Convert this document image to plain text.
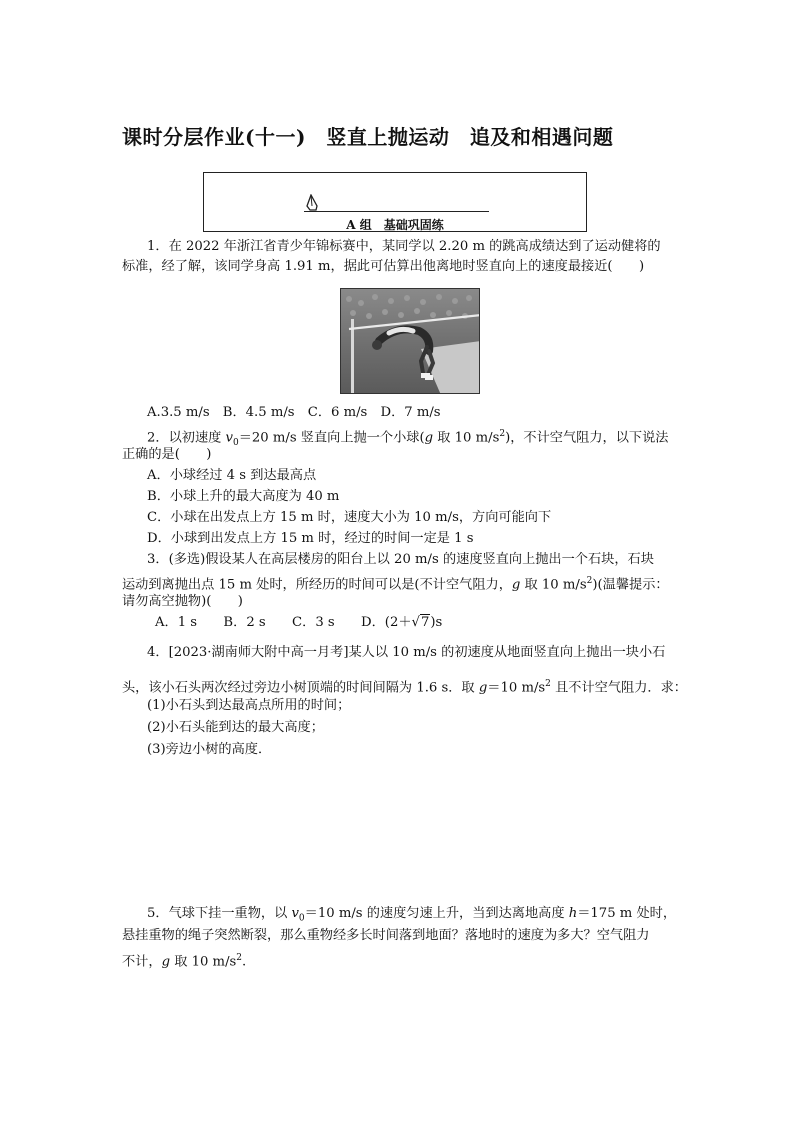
课时分层作业(十一)　竖直上抛运动　追及和相遇问题
A 组　基础巩固练
1．在 2022 年浙江省青少年锦标赛中，某同学以 2.20 m 的跳高成绩达到了运动健将的
标准，经了解，该同学身高 1.91 m，据此可估算出他离地时竖直向上的速度最接近(　　)
A.3.5 m/s　B．4.5 m/s　C．6 m/s　D．7 m/s
2．以初速度 $v_0=20$ m/s 竖直向上抛一个小球(g 取 10 $m/s^2$)，不计空气阻力，以下说法
正确的是(　　)
A．小球经过 4 s 到达最高点
B．小球上升的最大高度为 40 m
C．小球在出发点上方 15 m 时，速度大小为 10 m/s，方向可能向下
D．小球到出发点上方 15 m 时，经过的时间一定是 1 s
3．(多选)假设某人在高层楼房的阳台上以 20 m/s 的速度竖直向上抛出一个石块，石块
运动到离抛出点 15 m 处时，所经历的时间可以是(不计空气阻力，g 取 10 $m/s^2$)(温馨提示：
请勿高空抛物)(　　)
A．1 s　　B．2 s　　C．3 s　　D．(2＋√7)s
4．[2023·湖南师大附中高一月考]某人以 10 m/s 的初速度从地面竖直向上抛出一块小石
头，该小石头两次经过旁边小树顶端的时间间隔为 1.6 s．取 g＝10 $m/s^2$ 且不计空气阻力．求：
(1)小石头到达最高点所用的时间；
(2)小石头能到达的最大高度；
(3)旁边小树的高度．
5．气球下挂一重物，以 $v_0=10$ m/s 的速度匀速上升，当到达离地高度 h＝175 m 处时，
悬挂重物的绳子突然断裂，那么重物经多长时间落到地面？落地时的速度为多大？空气阻力
不计，g 取 10 $m/s^2$.
